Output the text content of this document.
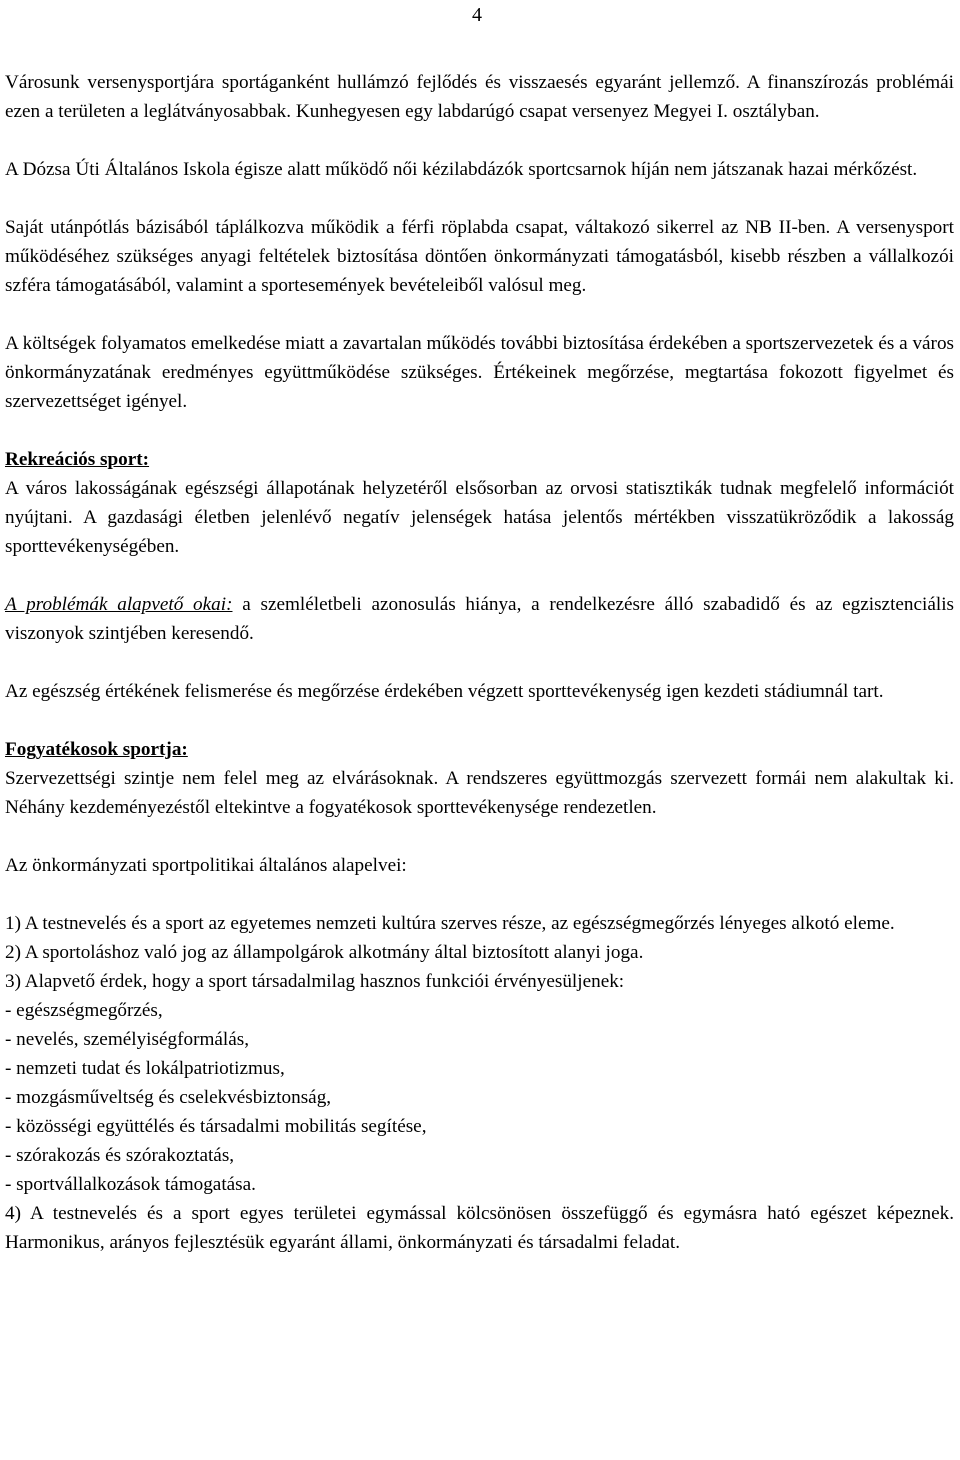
4

Városunk versenysportjára sportáganként hullámzó fejlődés és visszaesés egyaránt jellemző. A finanszírozás problémái ezen a területen a leglátványosabbak. Kunhegyesen egy labdarúgó csapat versenyez Megyei I. osztályban.

A Dózsa Úti Általános Iskola égisze alatt működő női kézilabdázók sportcsarnok híján nem játszanak hazai mérkőzést.

Saját utánpótlás bázisából táplálkozva működik a férfi röplabda csapat, váltakozó sikerrel az NB II-ben. A versenysport működéséhez szükséges anyagi feltételek biztosítása döntően önkormányzati támogatásból, kisebb részben a vállalkozói szféra támogatásából, valamint a sportesemények bevételeiből valósul meg.

A költségek folyamatos emelkedése miatt a zavartalan működés további biztosítása érdekében a sportszervezetek és a város önkormányzatának eredményes együttműködése szükséges. Értékeinek megőrzése, megtartása fokozott figyelmet és szervezettséget igényel.

Rekreációs sport:

A város lakosságának egészségi állapotának helyzetéről elsősorban az orvosi statisztikák tudnak megfelelő információt nyújtani. A gazdasági életben jelenlévő negatív jelenségek hatása jelentős mértékben visszatükröződik a lakosság sporttevékenységében.

A problémák alapvető okai: a szemléletbeli azonosulás hiánya, a rendelkezésre álló szabadidő és az egzisztenciális viszonyok szintjében keresendő.

Az egészség értékének felismerése és megőrzése érdekében végzett sporttevékenység igen kezdeti stádiumnál tart.

Fogyatékosok sportja:

Szervezettségi szintje nem felel meg az elvárásoknak. A rendszeres együttmozgás szervezett formái nem alakultak ki. Néhány kezdeményezéstől eltekintve a fogyatékosok sporttevékenysége rendezetlen.

Az önkormányzati sportpolitikai általános alapelvei:

1) A testnevelés és a sport az egyetemes nemzeti kultúra szerves része, az egészségmegőrzés lényeges alkotó eleme.

2) A sportoláshoz való jog az állampolgárok alkotmány által biztosított alanyi joga.

3) Alapvető érdek, hogy a sport társadalmilag hasznos funkciói érvényesüljenek:

- egészségmegőrzés,

- nevelés, személyiségformálás,

- nemzeti tudat és lokálpatriotizmus,

- mozgásműveltség és cselekvésbiztonság,

- közösségi együttélés és társadalmi mobilitás segítése,

- szórakozás és szórakoztatás,

- sportvállalkozások támogatása.

4) A testnevelés és a sport egyes területei egymással kölcsönösen összefüggő és egymásra ható egészet képeznek. Harmonikus, arányos fejlesztésük egyaránt állami, önkormányzati és társadalmi feladat.
